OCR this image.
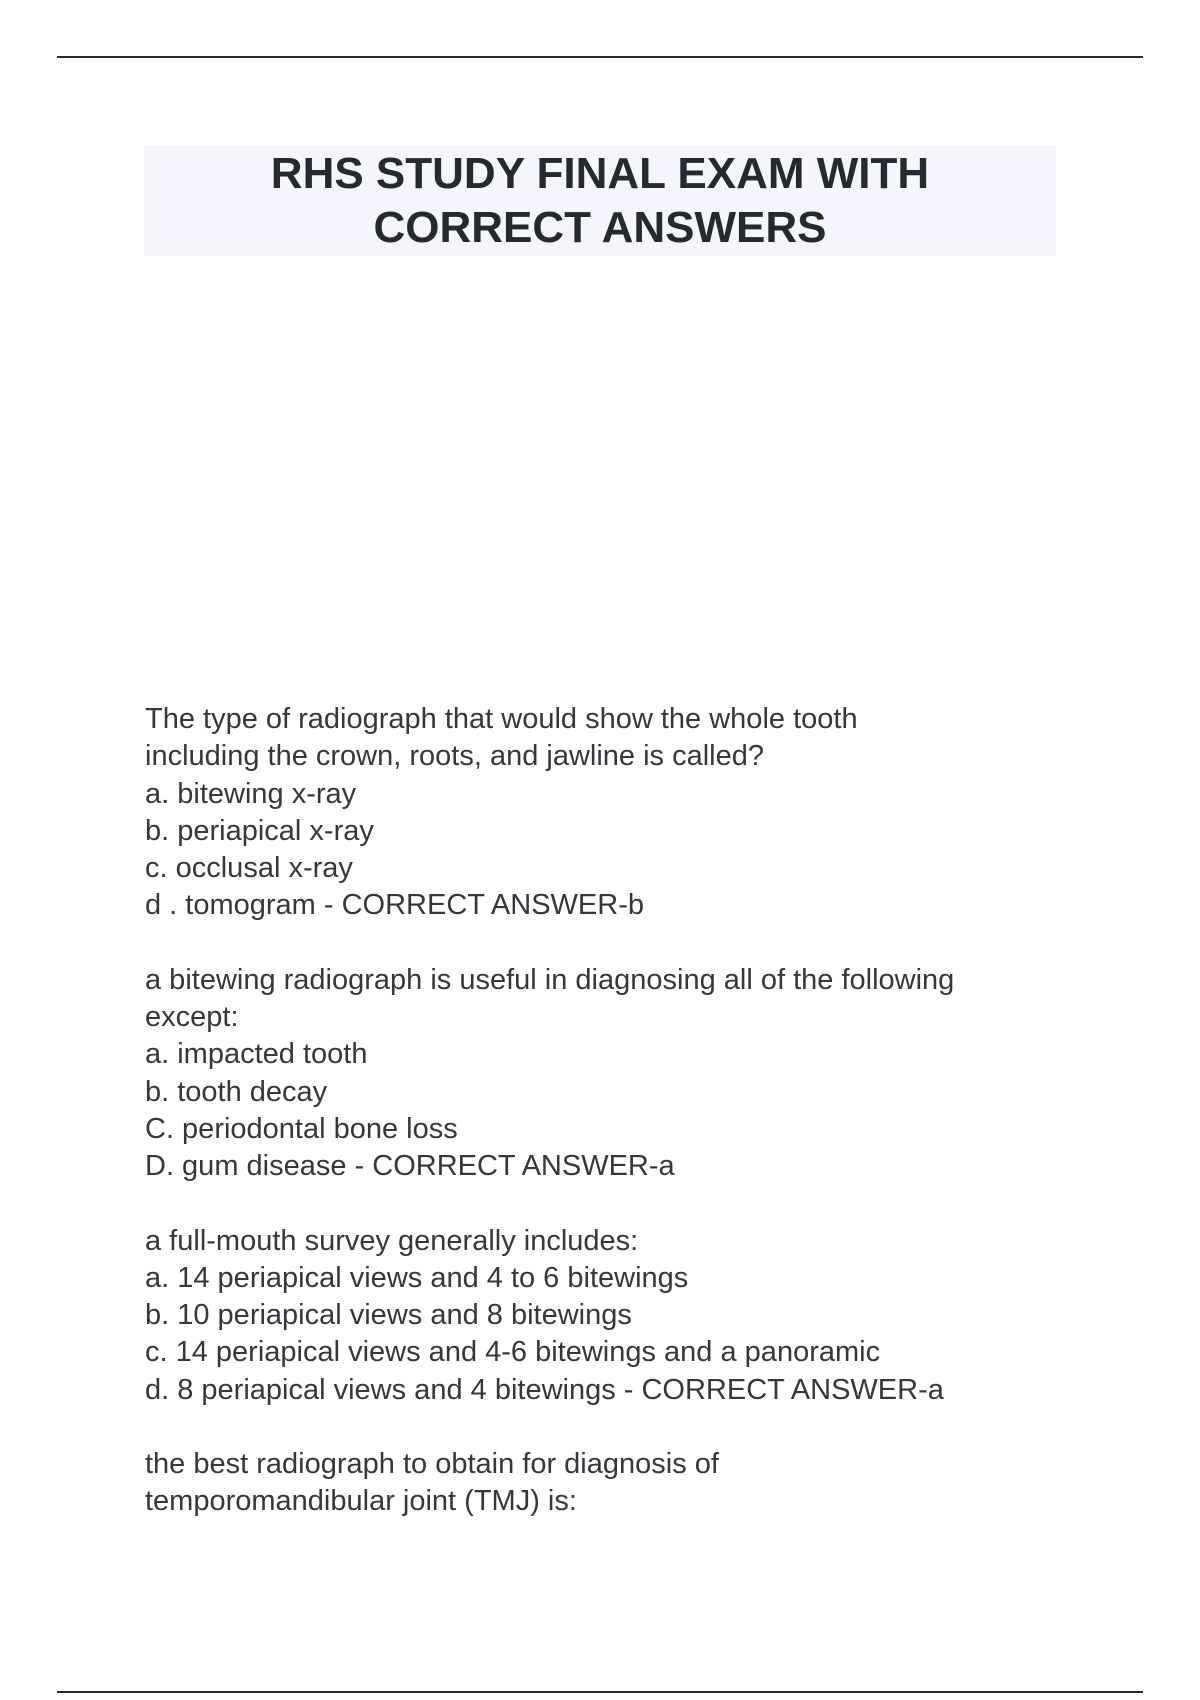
RHS STUDY FINAL EXAM WITH
CORRECT ANSWERS
The type of radiograph that would show the whole tooth
including the crown, roots, and jawline is called?
a. bitewing x-ray
b. periapical x-ray
c. occlusal x-ray
d . tomogram - CORRECT ANSWER-b
a bitewing radiograph is useful in diagnosing all of the following
except:
a. impacted tooth
b. tooth decay
C. periodontal bone loss
D. gum disease - CORRECT ANSWER-a
a full-mouth survey generally includes:
a. 14 periapical views and 4 to 6 bitewings
b. 10 periapical views and 8 bitewings
c. 14 periapical views and 4-6 bitewings and a panoramic
d. 8 periapical views and 4 bitewings - CORRECT ANSWER-a
the best radiograph to obtain for diagnosis of
temporomandibular joint (TMJ) is:
